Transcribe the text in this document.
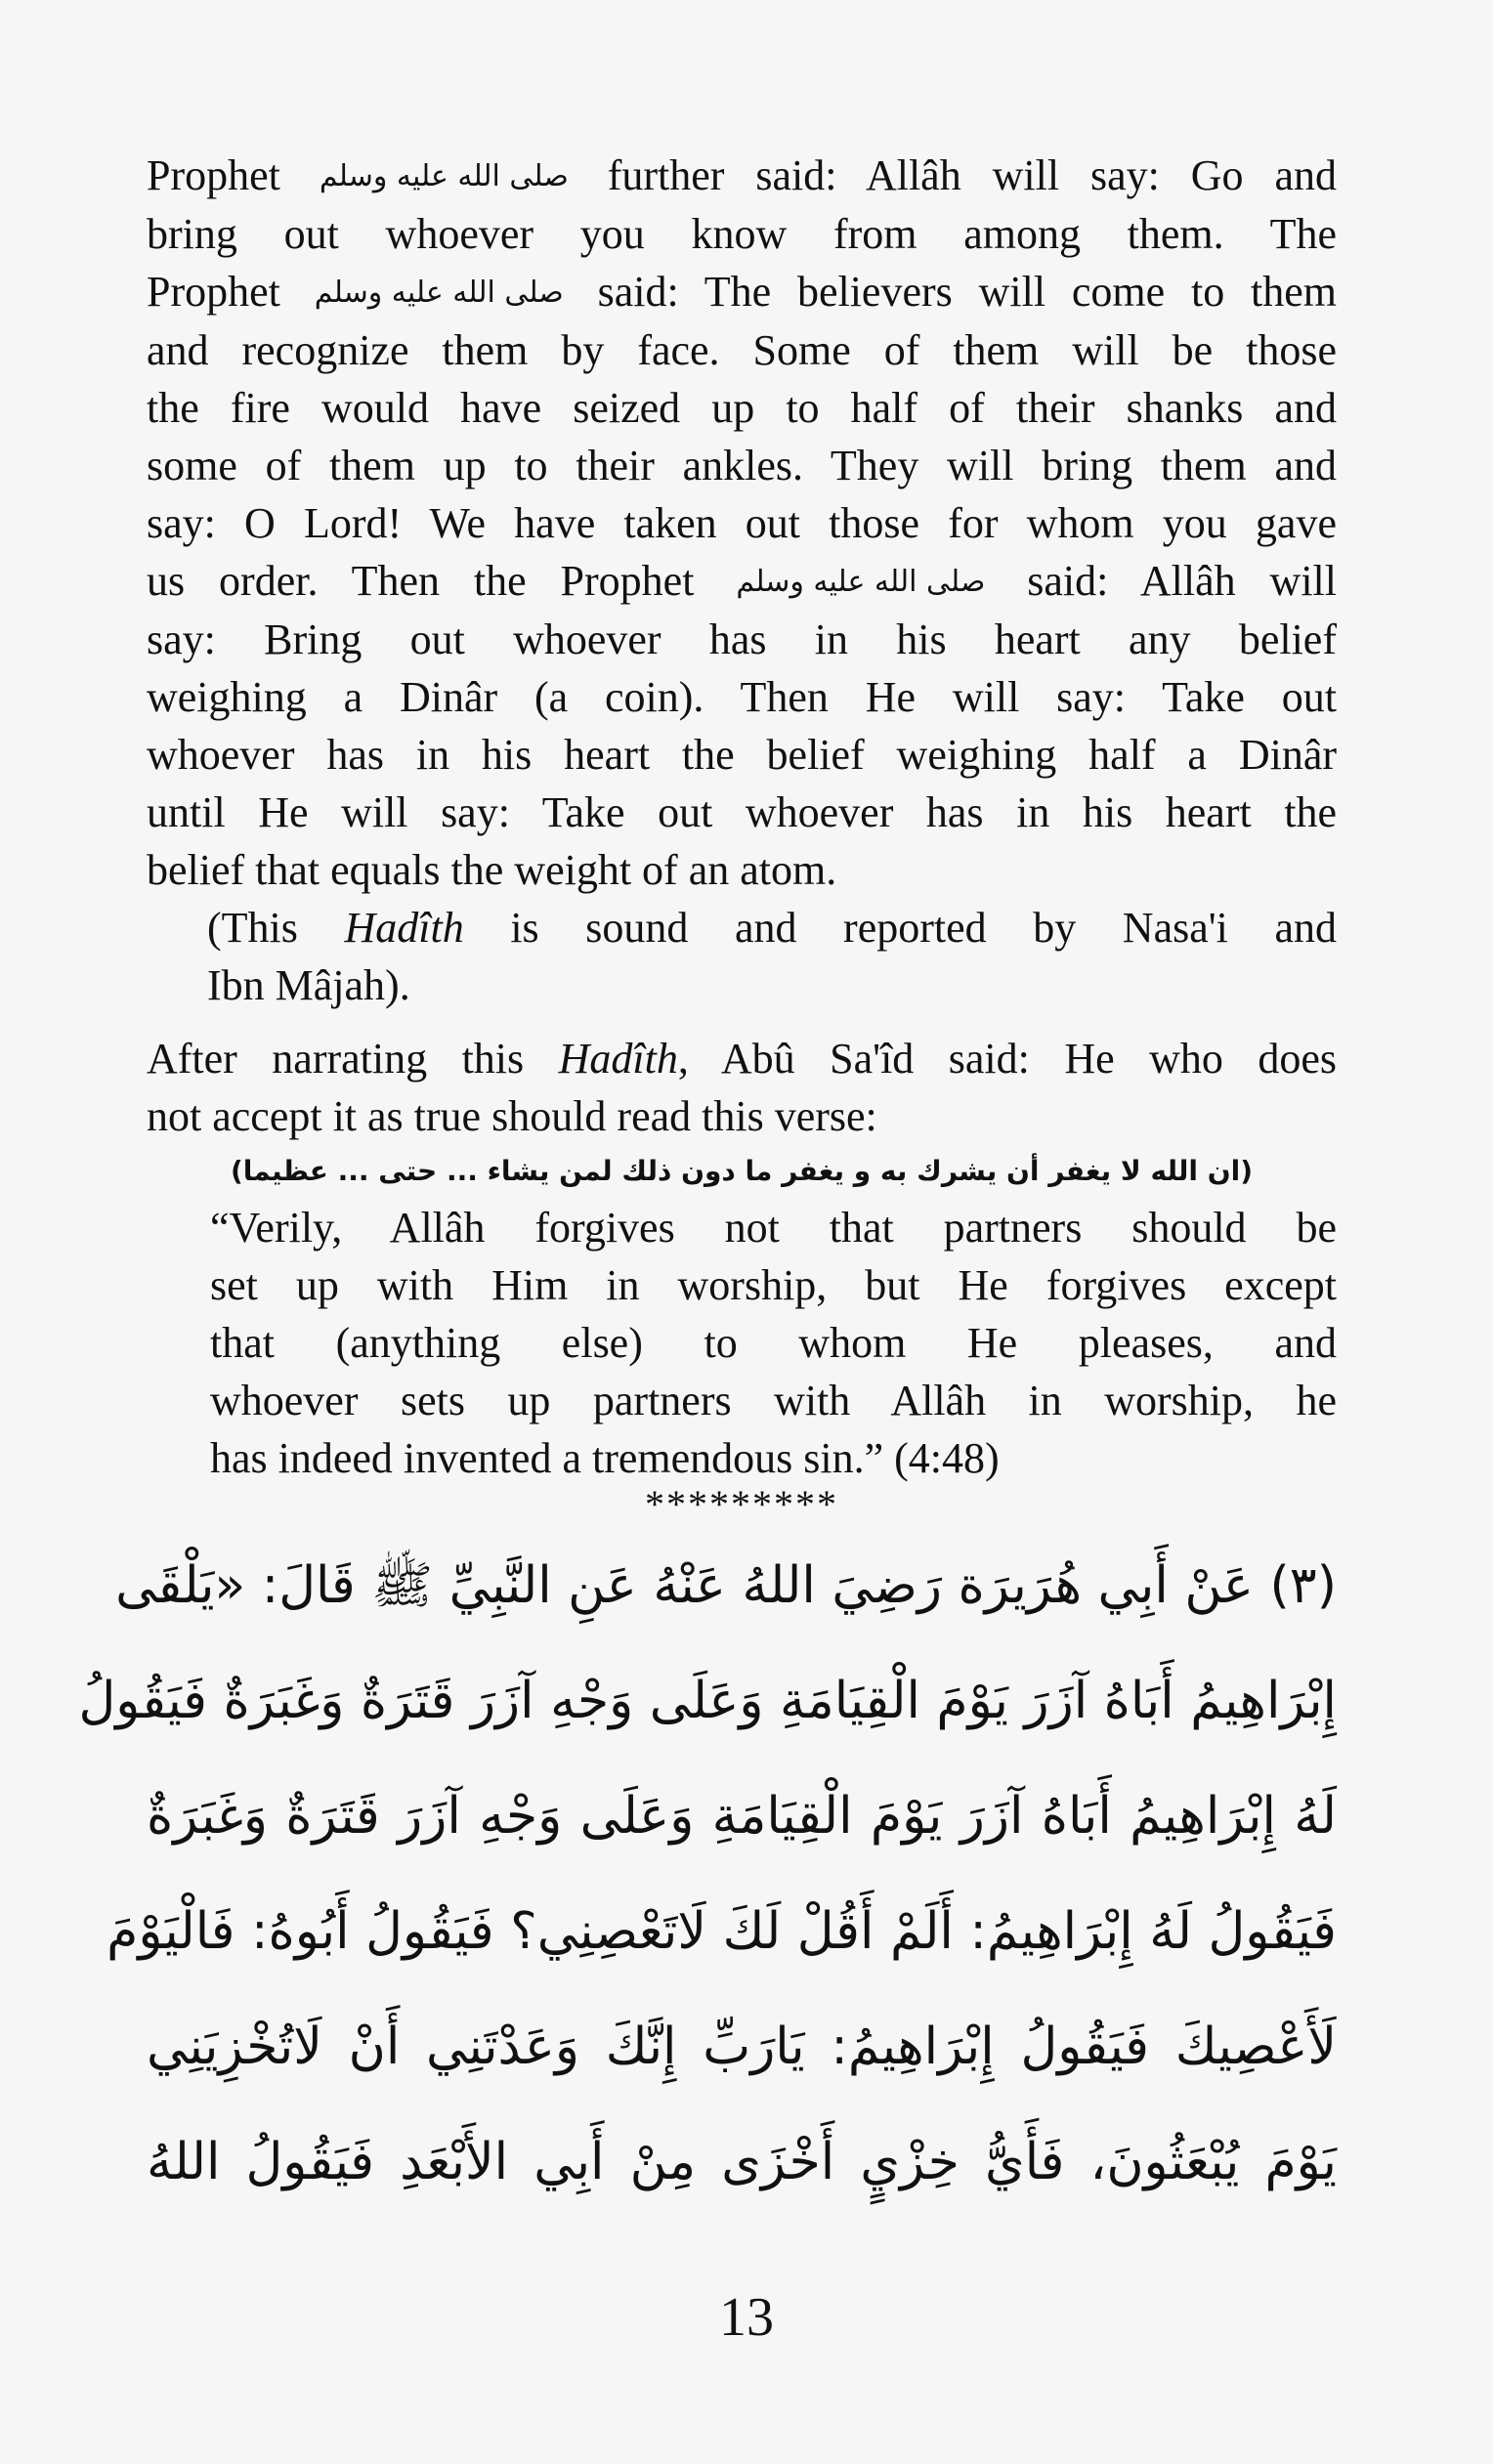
Prophet صلى الله عليه وسلم further said: Allâh will say: Go and
bring out whoever you know from among them. The
Prophet صلى الله عليه وسلم said: The believers will come to them
and recognize them by face. Some of them will be those
the fire would have seized up to half of their shanks and
some of them up to their ankles. They will bring them and
say: O Lord! We have taken out those for whom you gave
us order. Then the Prophet صلى الله عليه وسلم said: Allâh will
say: Bring out whoever has in his heart any belief
weighing a Dinâr (a coin). Then He will say: Take out
whoever has in his heart the belief weighing half a Dinâr
until He will say: Take out whoever has in his heart the
belief that equals the weight of an atom.
(This Hadîth is sound and reported by Nasa'i and
Ibn Mâjah).
After narrating this Hadîth, Abû Sa'îd said: He who does
not accept it as true should read this verse:
(ان الله لا يغفر أن يشرك به و يغفر ما دون ذلك لمن يشاء ... حتى ... عظيما)
“Verily, Allâh forgives not that partners should be
set up with Him in worship, but He forgives except
that (anything else) to whom He pleases, and
whoever sets up partners with Allâh in worship, he
has indeed invented a tremendous sin.” (4:48)
*********
(٣) عَنْ أَبِي هُرَيرَة رَضِيَ اللهُ عَنْهُ عَنِ النَّبِيِّ ﷺ قَالَ: «يَلْقَى
إِبْرَاهِيمُ أَبَاهُ آزَرَ يَوْمَ الْقِيَامَةِ وَعَلَى وَجْهِ آزَرَ قَتَرَةٌ وَغَبَرَةٌ فَيَقُولُ
لَهُ إِبْرَاهِيمُ أَبَاهُ آزَرَ يَوْمَ الْقِيَامَةِ وَعَلَى وَجْهِ آزَرَ قَتَرَةٌ وَغَبَرَةٌ
فَيَقُولُ لَهُ إِبْرَاهِيمُ: أَلَمْ أَقُلْ لَكَ لَاتَعْصِنِي؟ فَيَقُولُ أَبُوهُ: فَالْيَوْمَ
لَأَعْصِيكَ فَيَقُولُ إِبْرَاهِيمُ: يَارَبِّ إِنَّكَ وَعَدْتَنِي أَنْ لَاتُخْزِيَنِي
يَوْمَ يُبْعَثُونَ، فَأَيُّ خِزْيٍ أَخْزَى مِنْ أَبِي الأَبْعَدِ فَيَقُولُ اللهُ
13
